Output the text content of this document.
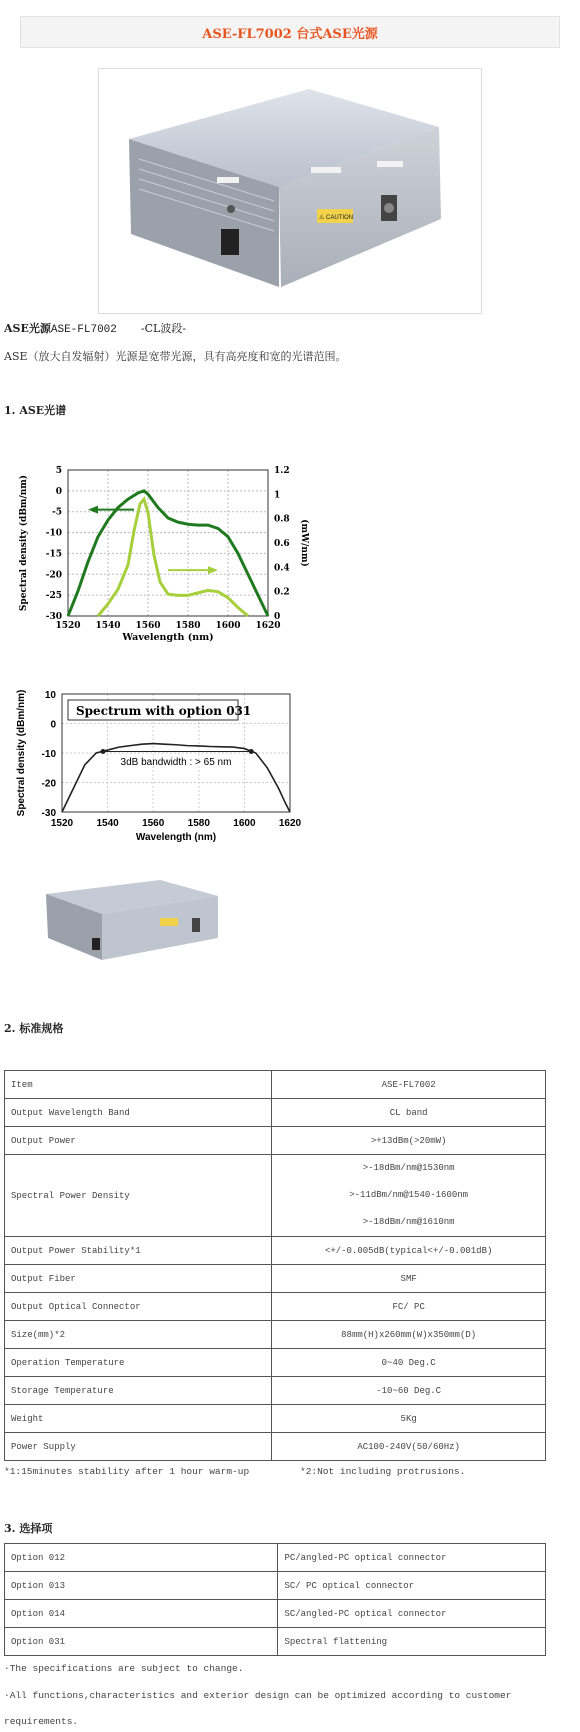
ASE-FL7002 台式ASE光源
⚠ CAUTION
ASE光源ASE-FL7002 -CL波段-
ASE（放大自发辐射）光源是宽带光源，具有高亮度和宽的光谱范围。
1. ASE光谱
1520 1540 1560 1580 1600 1620
5
0
-5
-10
-15
-20
-25
-30
1.2
1
0.8
0.6
0.4
0.2
0
Wavelength (nm)
Spectral density (dBm/nm)	(mW/nm)
1520 1540 1560 1580 1600 1620
10
0
-10
-20
-30
Spectrum with option 031
3dB bandwidth : > 65 nm
Wavelength (nm)
Spectral density (dBm/nm)
2. 标准规格
Item	ASE-FL7002
Output Wavelength Band	CL band
Output Power	>+13dBm(>20mW)
Spectral Power Density	>-18dBm/nm@1530nm
>-11dBm/nm@1540-1600nm
>-18dBm/nm@1610nm

Output Power Stability*1	<+/-0.005dB(typical<+/-0.001dB)
Output Fiber	SMF
Output Optical Connector	FC/ PC
Size(mm)*2	88mm(H)x260mm(W)x350mm(D)
Operation Temperature	0~40 Deg.C
Storage Temperature	-10~60 Deg.C
Weight	5Kg
Power Supply	AC100-240V(50/60Hz)
*1:15minutes stability after 1 hour warm-up	*2:Not including protrusions.
3. 选择项
Option 012	PC/angled-PC optical connector
Option 013	SC/ PC optical connector
Option 014	SC/angled-PC optical connector
Option 031	Spectral flattening
·The specifications are subject to change.
·All functions,characteristics and exterior design can be optimized according to customer
requirements.
